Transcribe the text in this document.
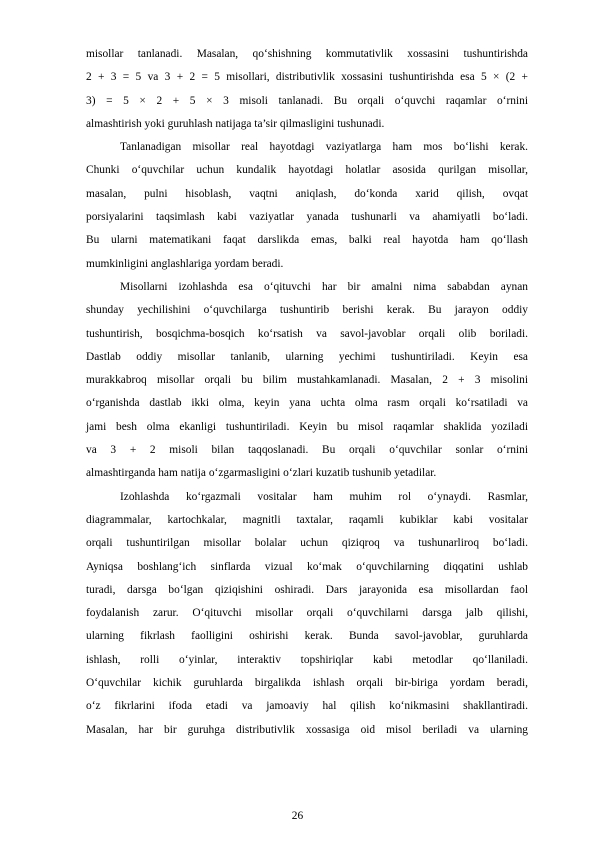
misollar tanlanadi. Masalan, qo‘shishning kommutativlik xossasini tushuntirishda
2 + 3 = 5 va 3 + 2 = 5 misollari, distributivlik xossasini tushuntirishda esa 5 × (2 +
3) = 5 × 2 + 5 × 3 misoli tanlanadi. Bu orqali o‘quvchi raqamlar o‘rnini
almashtirish yoki guruhlash natijaga ta’sir qilmasligini tushunadi.

Tanlanadigan misollar real hayotdagi vaziyatlarga ham mos bo‘lishi kerak.
Chunki o‘quvchilar uchun kundalik hayotdagi holatlar asosida qurilgan misollar,
masalan, pulni hisoblash, vaqtni aniqlash, do‘konda xarid qilish, ovqat
porsiyalarini taqsimlash kabi vaziyatlar yanada tushunarli va ahamiyatli bo‘ladi.
Bu ularni matematikani faqat darslikda emas, balki real hayotda ham qo‘llash
mumkinligini anglashlariga yordam beradi.

Misollarni izohlashda esa o‘qituvchi har bir amalni nima sababdan aynan
shunday yechilishini o‘quvchilarga tushuntirib berishi kerak. Bu jarayon oddiy
tushuntirish, bosqichma-bosqich ko‘rsatish va savol-javoblar orqali olib boriladi.
Dastlab oddiy misollar tanlanib, ularning yechimi tushuntiriladi. Keyin esa
murakkabroq misollar orqali bu bilim mustahkamlanadi. Masalan, 2 + 3 misolini
o‘rganishda dastlab ikki olma, keyin yana uchta olma rasm orqali ko‘rsatiladi va
jami besh olma ekanligi tushuntiriladi. Keyin bu misol raqamlar shaklida yoziladi
va 3 + 2 misoli bilan taqqoslanadi. Bu orqali o‘quvchilar sonlar o‘rnini
almashtirganda ham natija o‘zgarmasligini o‘zlari kuzatib tushunib yetadilar.

Izohlashda ko‘rgazmali vositalar ham muhim rol o‘ynaydi. Rasmlar,
diagrammalar, kartochkalar, magnitli taxtalar, raqamli kubiklar kabi vositalar
orqali tushuntirilgan misollar bolalar uchun qiziqroq va tushunarliroq bo‘ladi.
Ayniqsa boshlang‘ich sinflarda vizual ko‘mak o‘quvchilarning diqqatini ushlab
turadi, darsga bo‘lgan qiziqishini oshiradi. Dars jarayonida esa misollardan faol
foydalanish zarur. O‘qituvchi misollar orqali o‘quvchilarni darsga jalb qilishi,
ularning fikrlash faolligini oshirishi kerak. Bunda savol-javoblar, guruhlarda
ishlash, rolli o‘yinlar, interaktiv topshiriqlar kabi metodlar qo‘llaniladi.
O‘quvchilar kichik guruhlarda birgalikda ishlash orqali bir-biriga yordam beradi,
o‘z fikrlarini ifoda etadi va jamoaviy hal qilish ko‘nikmasini shakllantiradi.
Masalan, har bir guruhga distributivlik xossasiga oid misol beriladi va ularning

26
